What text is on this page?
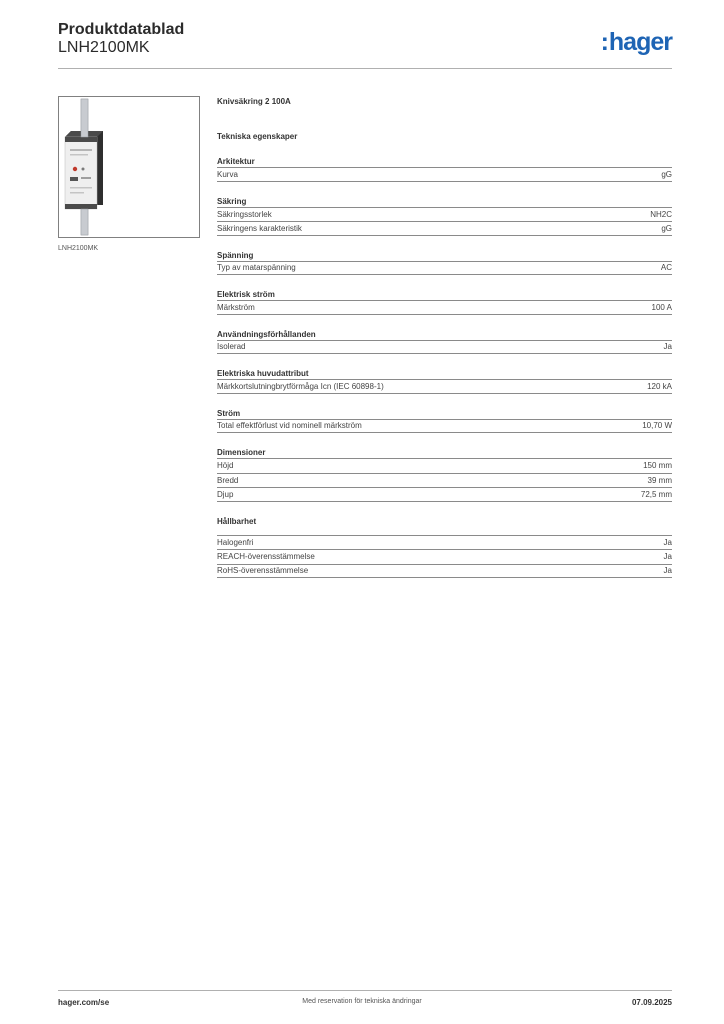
Produktdatablad
LNH2100MK	:hager
LNH2100MK
Knivsäkring 2 100A
Tekniska egenskaper
Arkitektur
Kurva	gG
Säkring
Säkringsstorlek	NH2C
Säkringens karakteristik	gG
Spänning
Typ av matarspänning	AC
Elektrisk ström
Märkström	100 A
Användningsförhållanden
Isolerad	Ja
Elektriska huvudattribut
Märkkortslutningbrytförmåga Icn (IEC 60898-1)	120 kA
Ström
Total effektförlust vid nominell märkström	10,70 W
Dimensioner
Höjd	150 mm
Bredd	39 mm
Djup	72,5 mm
Hållbarhet
Halogenfri	Ja
REACH-överensstämmelse	Ja
RoHS-överensstämmelse	Ja
hager.com/se	Med reservation för tekniska ändringar	07.09.2025
